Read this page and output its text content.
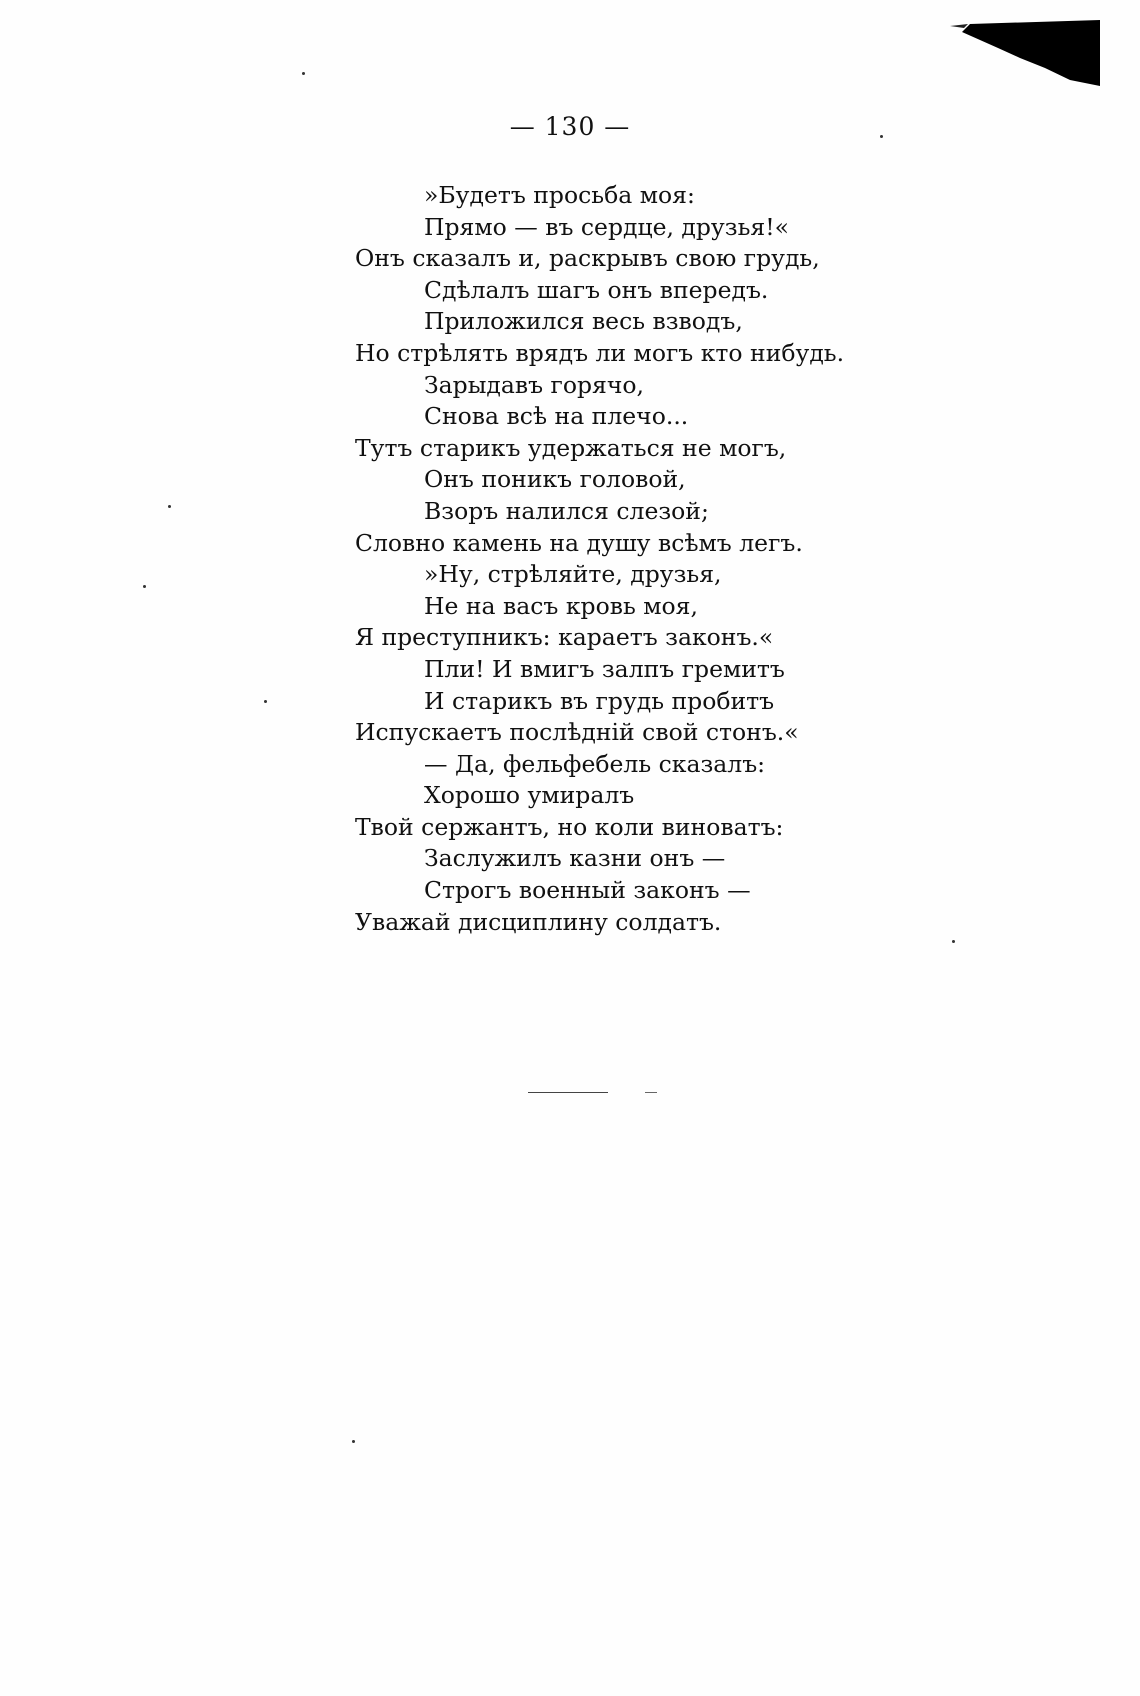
— 130 —
»Будетъ просьба моя:
Прямо — въ сердце, друзья!«
Онъ сказалъ и, раскрывъ свою грудь,
Сдѣлалъ шагъ онъ впередъ.
Приложился весь взводъ,
Но стрѣлять врядъ ли могъ кто нибудь.
Зарыдавъ горячо,
Снова всѣ на плечо...
Тутъ старикъ удержаться не могъ,
Онъ поникъ головой,
Взоръ налился слезой;
Словно камень на душу всѣмъ легъ.
»Ну, стрѣляйте, друзья,
Не на васъ кровь моя,
Я преступникъ: караетъ законъ.«
Пли! И вмигъ залпъ гремитъ
И старикъ въ грудь пробитъ
Испускаетъ послѣдній свой стонъ.«
— Да, фельфебель сказалъ:
Хорошо умиралъ
Твой сержантъ, но коли виноватъ:
Заслужилъ казни онъ —
Строгъ военный законъ —
Уважай дисциплину солдатъ.
